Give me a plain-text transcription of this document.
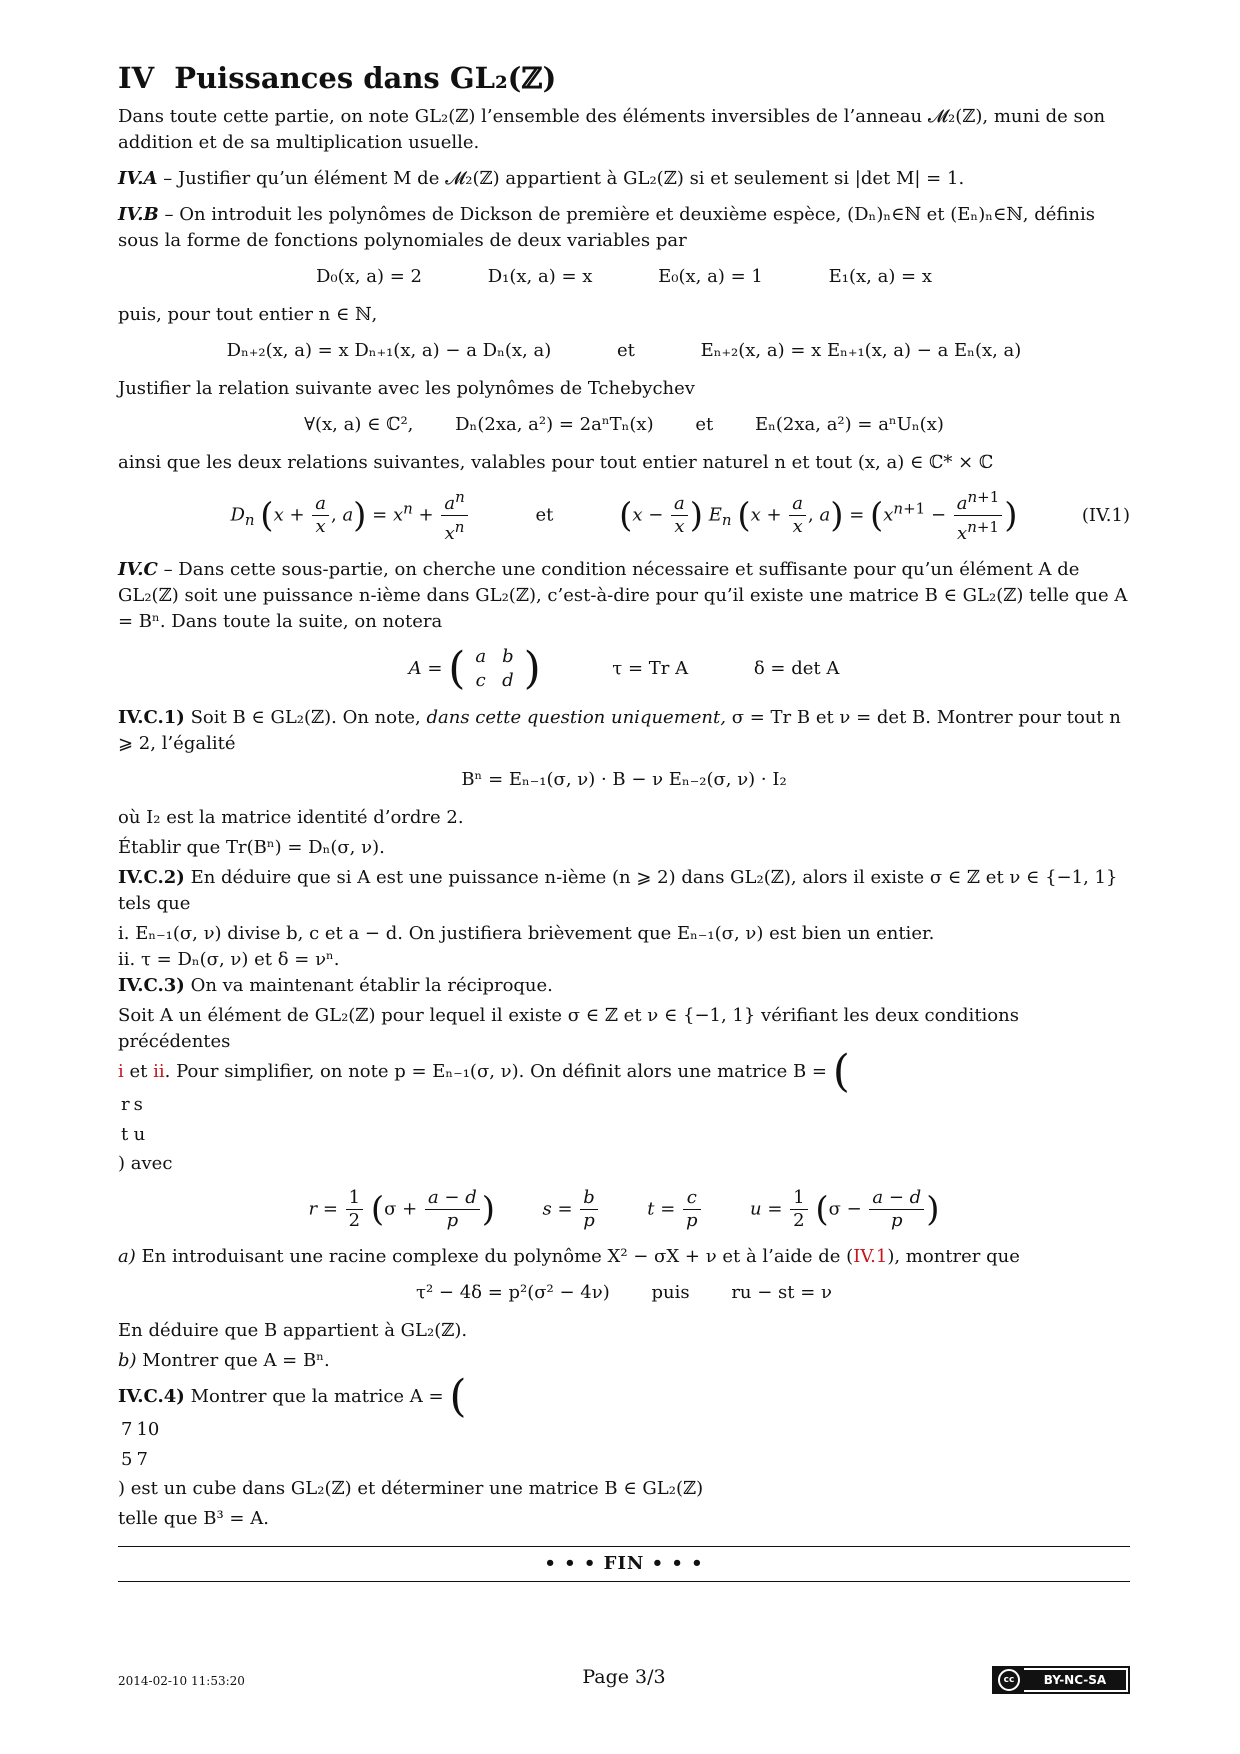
IV Puissances dans GL₂(ℤ)

Dans toute cette partie, on note GL₂(ℤ) l’ensemble des éléments inversibles de l’anneau 𝓜₂(ℤ), muni de son addition et de sa multiplication usuelle.

IV.A – Justifier qu’un élément M de 𝓜₂(ℤ) appartient à GL₂(ℤ) si et seulement si |det M| = 1.

IV.B – On introduit les polynômes de Dickson de première et deuxième espèce, (Dₙ)ₙ∈ℕ et (Eₙ)ₙ∈ℕ, définis sous la forme de fonctions polynomiales de deux variables par

D₀(x, a) = 2	D₁(x, a) = x	E₀(x, a) = 1	E₁(x, a) = x

puis, pour tout entier n ∈ ℕ,

Dₙ₊₂(x, a) = x Dₙ₊₁(x, a) − a Dₙ(x, a)	et	Eₙ₊₂(x, a) = x Eₙ₊₁(x, a) − a Eₙ(x, a)

Justifier la relation suivante avec les polynômes de Tchebychev

∀(x, a) ∈ ℂ², Dₙ(2xa, a²) = 2aⁿTₙ(x) et Eₙ(2xa, a²) = aⁿUₙ(x)

ainsi que les deux relations suivantes, valables pour tout entier naturel n et tout (x, a) ∈ ℂ* × ℂ

$D_n$ ($x + \frac{a}{x}$ , $a) = x^n + \frac{a^n}{x^n}$	et ($x - \frac{a}{x}$ ) $E_n$ ($x + \frac{a}{x}$ , $a) = (x^{n+1} - \frac{a^{n+1}}{x^{n+1}}$ )	(IV.1)

IV.C – Dans cette sous-partie, on cherche une condition nécessaire et suffisante pour qu’un élément A de GL₂(ℤ) soit une puissance n-ième dans GL₂(ℤ), c’est-à-dire pour qu’il existe une matrice B ∈ GL₂(ℤ) telle que A = Bⁿ. Dans toute la suite, on notera

A = ( a	b
c	d )	τ = Tr A	δ = det A

IV.C.1) Soit B ∈ GL₂(ℤ). On note, dans cette question uniquement, σ = Tr B et ν = det B. Montrer pour tout n ⩾ 2, l’égalité

Bⁿ = Eₙ₋₁(σ, ν) · B − ν Eₙ₋₂(σ, ν) · I₂

où I₂ est la matrice identité d’ordre 2.

Établir que Tr(Bⁿ) = Dₙ(σ, ν).

IV.C.2) En déduire que si A est une puissance n-ième (n ⩾ 2) dans GL₂(ℤ), alors il existe σ ∈ ℤ et ν ∈ {−1, 1} tels que

i. Eₙ₋₁(σ, ν) divise b, c et a − d. On justifiera brièvement que Eₙ₋₁(σ, ν) est bien un entier.

ii. τ = Dₙ(σ, ν) et δ = νⁿ.

IV.C.3) On va maintenant établir la réciproque.

Soit A un élément de GL₂(ℤ) pour lequel il existe σ ∈ ℤ et ν ∈ {−1, 1} vérifiant les deux conditions précédentes

i et ii. Pour simplifier, on note p = Eₙ₋₁(σ, ν). On définit alors une matrice B = (

r	s
t	u
) avec

$r = \frac{1}{2} (\sigma + \frac{a - d}{p}$ )	$s = \frac{b}{p}$	$t = \frac{c}{p}$	$u = \frac{1}{2} (\sigma - \frac{a - d}{p}$ )

a) En introduisant une racine complexe du polynôme X² − σX + ν et à l’aide de (IV.1), montrer que

τ² − 4δ = p²(σ² − 4ν) puis ru − st = ν

En déduire que B appartient à GL₂(ℤ).

b) Montrer que A = Bⁿ.

IV.C.4) Montrer que la matrice A = (

7	10
5	7
) est un cube dans GL₂(ℤ) et déterminer une matrice B ∈ GL₂(ℤ)

telle que B³ = A.

• • • FIN • • •
2014-02-10 11:53:20	Page 3/3	cc	BY-NC-SA
